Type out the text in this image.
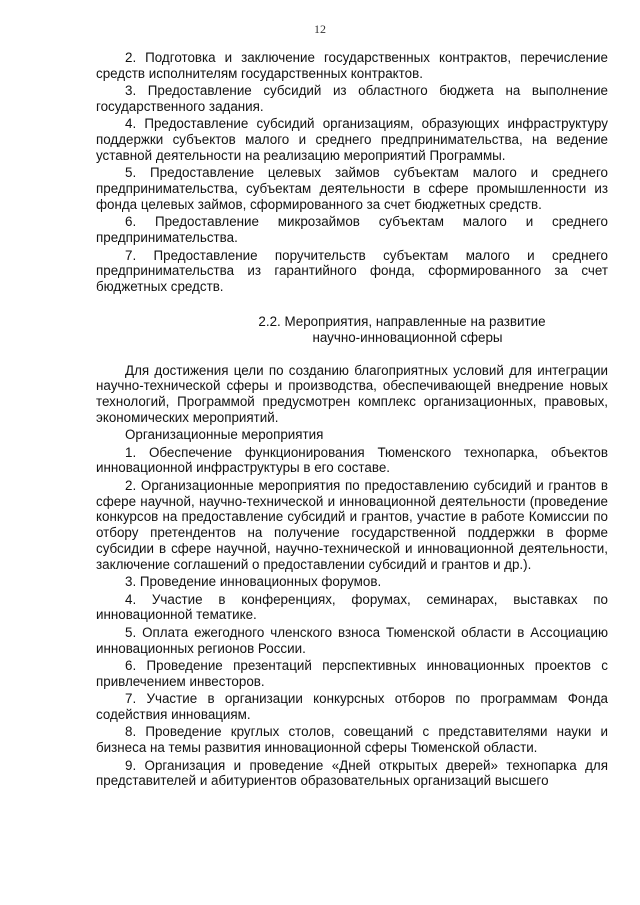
12

2. Подготовка и заключение государственных контрактов, перечисление средств исполнителям государственных контрактов.

3. Предоставление субсидий из областного бюджета на выполнение государственного задания.

4. Предоставление субсидий организациям, образующих инфраструктуру поддержки субъектов малого и среднего предпринимательства, на ведение уставной деятельности на реализацию мероприятий Программы.

5. Предоставление целевых займов субъектам малого и среднего предпринимательства, субъектам деятельности в сфере промышленности из фонда целевых займов, сформированного за счет бюджетных средств.

6. Предоставление микрозаймов субъектам малого и среднего предпринимательства.

7. Предоставление поручительств субъектам малого и среднего предпринимательства из гарантийного фонда, сформированного за счет бюджетных средств.

2.2. Мероприятия, направленные на развитие
научно-инновационной сферы

Для достижения цели по созданию благоприятных условий для интеграции научно-технической сферы и производства, обеспечивающей внедрение новых технологий, Программой предусмотрен комплекс организационных, правовых, экономических мероприятий.

Организационные мероприятия

1. Обеспечение функционирования Тюменского технопарка, объектов инновационной инфраструктуры в его составе.

2. Организационные мероприятия по предоставлению субсидий и грантов в сфере научной, научно-технической и инновационной деятельности (проведение конкурсов на предоставление субсидий и грантов, участие в работе Комиссии по отбору претендентов на получение государственной поддержки в форме субсидии в сфере научной, научно-технической и инновационной деятельности, заключение соглашений о предоставлении субсидий и грантов и др.).

3. Проведение инновационных форумов.

4. Участие в конференциях, форумах, семинарах, выставках по инновационной тематике.

5. Оплата ежегодного членского взноса Тюменской области в Ассоциацию инновационных регионов России.

6. Проведение презентаций перспективных инновационных проектов с привлечением инвесторов.

7. Участие в организации конкурсных отборов по программам Фонда содействия инновациям.

8. Проведение круглых столов, совещаний с представителями науки и бизнеса на темы развития инновационной сферы Тюменской области.

9. Организация и проведение «Дней открытых дверей» технопарка для представителей и абитуриентов образовательных организаций высшего
